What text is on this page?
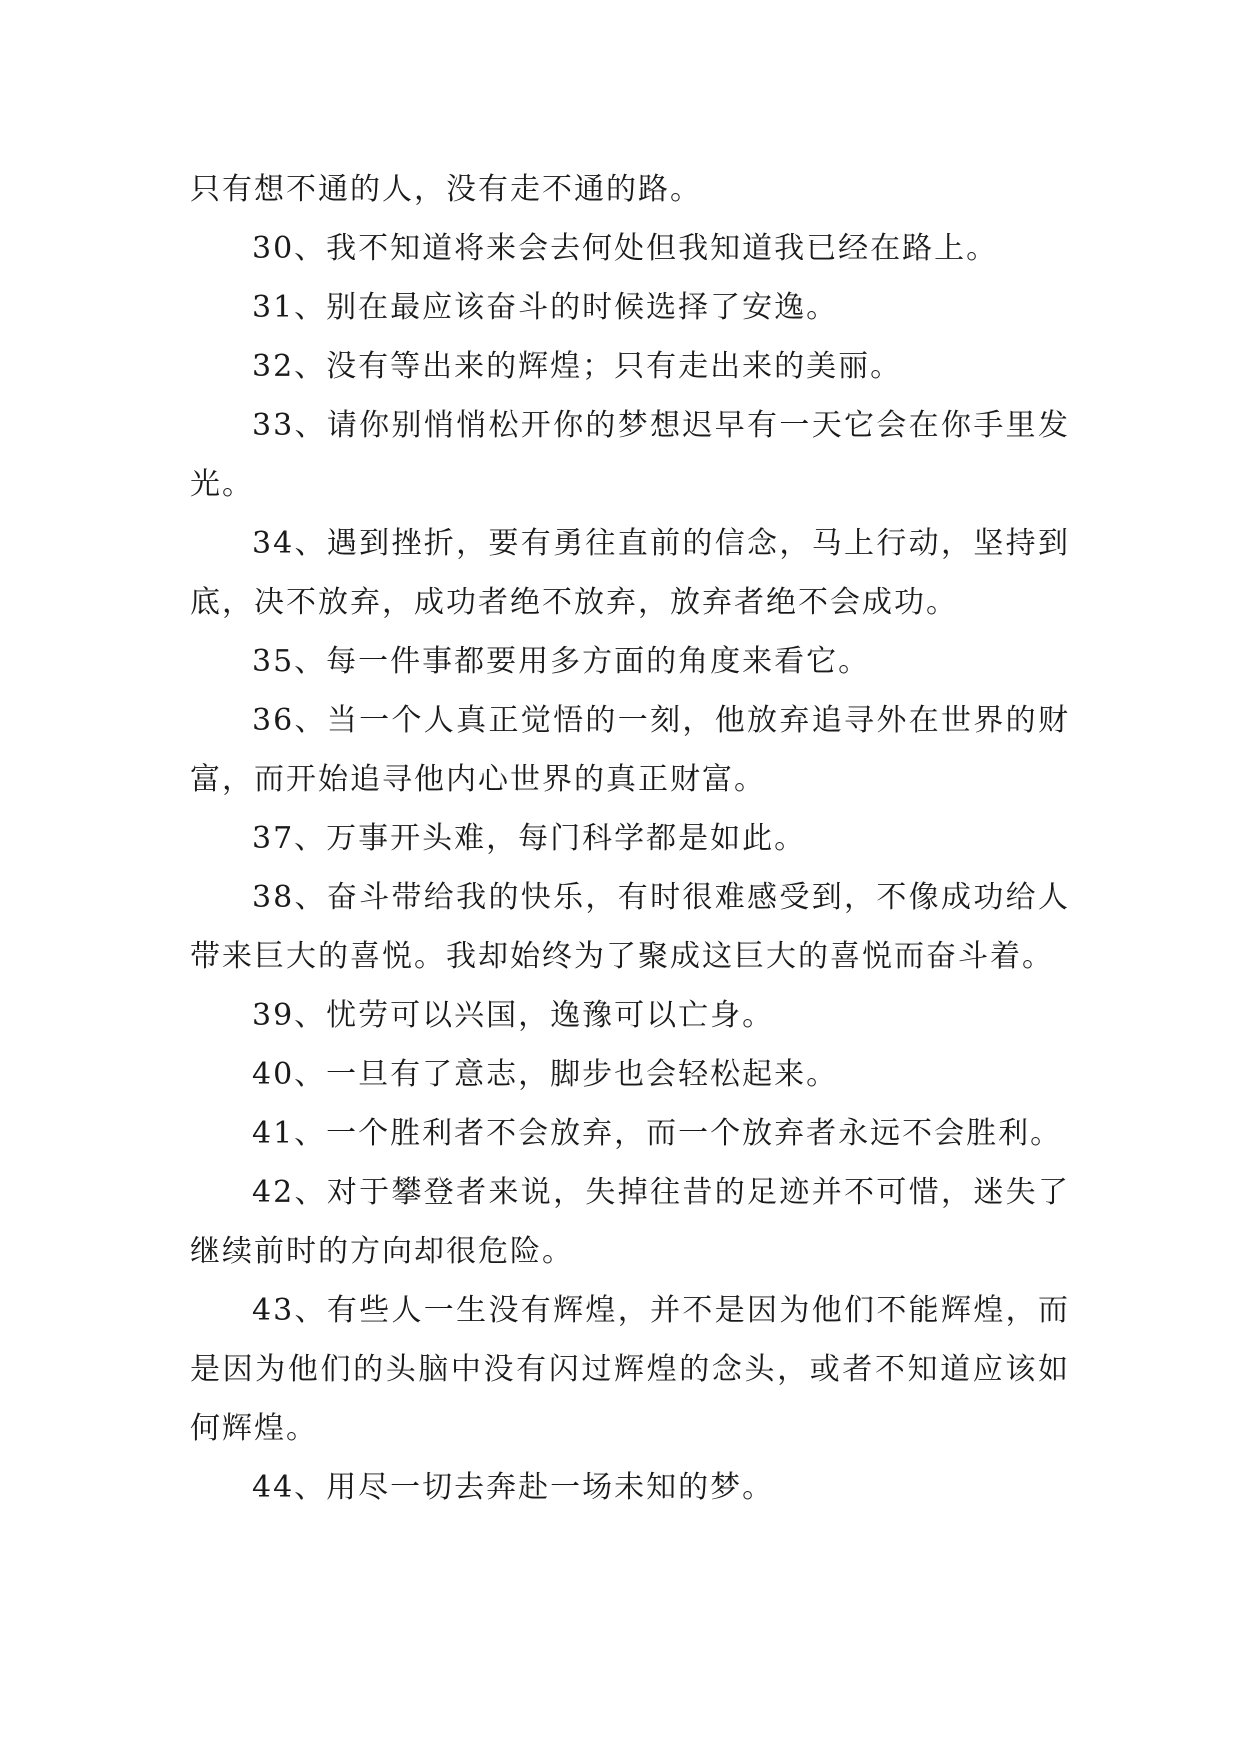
只有想不通的人，没有走不通的路。

30、我不知道将来会去何处但我知道我已经在路上。

31、别在最应该奋斗的时候选择了安逸。

32、没有等出来的辉煌；只有走出来的美丽。

33、请你别悄悄松开你的梦想迟早有一天它会在你手里发光。

34、遇到挫折，要有勇往直前的信念，马上行动，坚持到底，决不放弃，成功者绝不放弃，放弃者绝不会成功。

35、每一件事都要用多方面的角度来看它。

36、当一个人真正觉悟的一刻，他放弃追寻外在世界的财富，而开始追寻他内心世界的真正财富。

37、万事开头难，每门科学都是如此。

38、奋斗带给我的快乐，有时很难感受到，不像成功给人带来巨大的喜悦。我却始终为了聚成这巨大的喜悦而奋斗着。

39、忧劳可以兴国，逸豫可以亡身。

40、一旦有了意志，脚步也会轻松起来。

41、一个胜利者不会放弃，而一个放弃者永远不会胜利。

42、对于攀登者来说，失掉往昔的足迹并不可惜，迷失了继续前时的方向却很危险。

43、有些人一生没有辉煌，并不是因为他们不能辉煌，而是因为他们的头脑中没有闪过辉煌的念头，或者不知道应该如何辉煌。

44、用尽一切去奔赴一场未知的梦。
